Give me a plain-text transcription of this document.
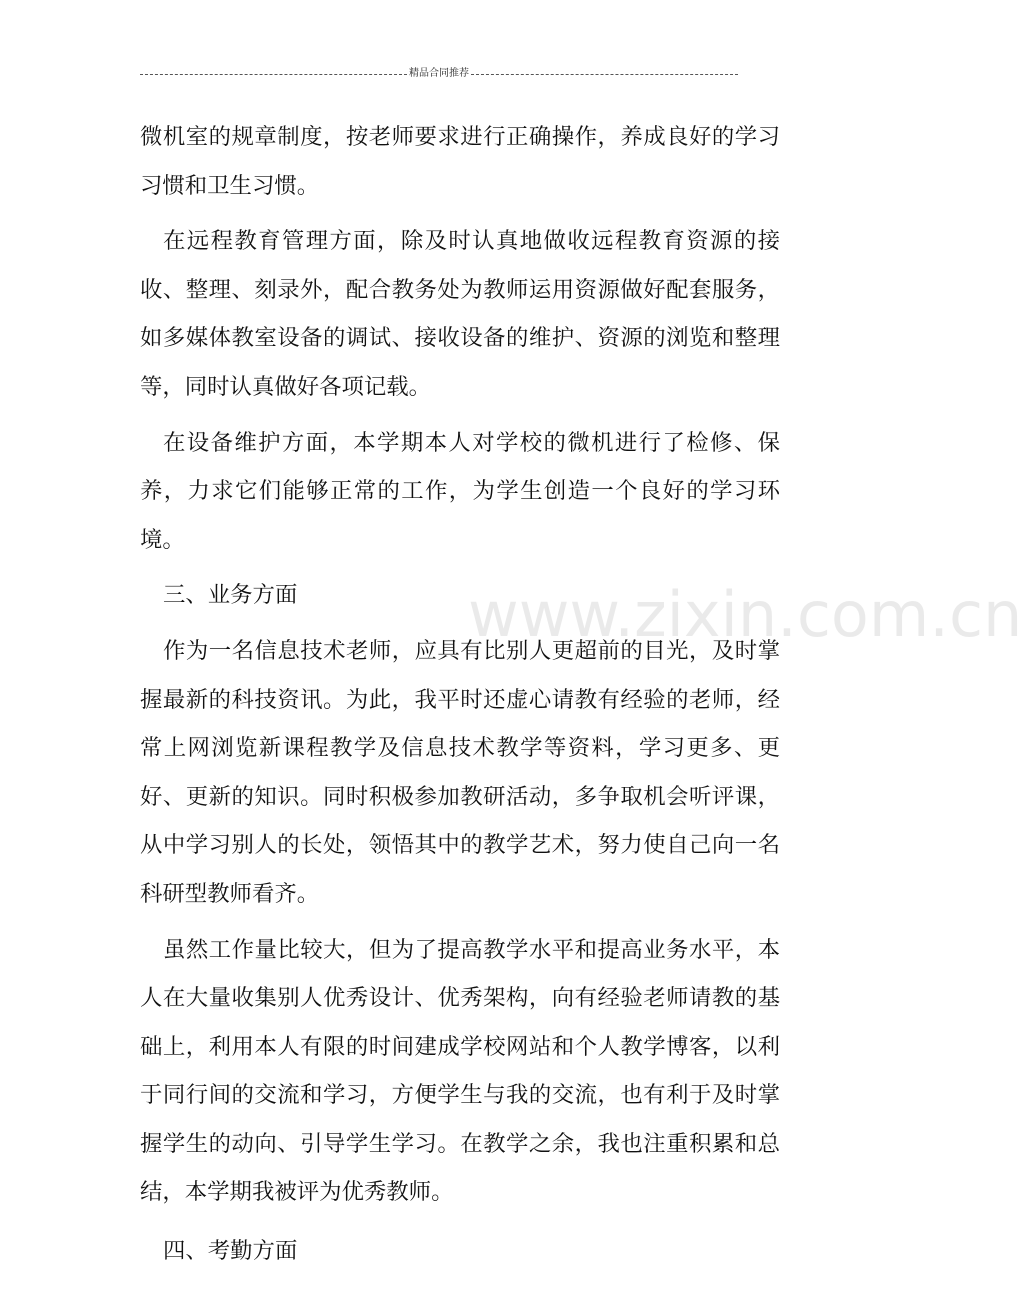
精品合同推荐

微机室的规章制度，按老师要求进行正确操作，养成良好的学习习惯和卫生习惯。

在远程教育管理方面，除及时认真地做收远程教育资源的接收、整理、刻录外，配合教务处为教师运用资源做好配套服务，如多媒体教室设备的调试、接收设备的维护、资源的浏览和整理等，同时认真做好各项记载。

在设备维护方面，本学期本人对学校的微机进行了检修、保养，力求它们能够正常的工作，为学生创造一个良好的学习环境。

三、业务方面

作为一名信息技术老师，应具有比别人更超前的目光，及时掌握最新的科技资讯。为此，我平时还虚心请教有经验的老师，经常上网浏览新课程教学及信息技术教学等资料，学习更多、更好、更新的知识。同时积极参加教研活动，多争取机会听评课，从中学习别人的长处，领悟其中的教学艺术，努力使自己向一名科研型教师看齐。

虽然工作量比较大，但为了提高教学水平和提高业务水平，本人在大量收集别人优秀设计、优秀架构，向有经验老师请教的基础上，利用本人有限的时间建成学校网站和个人教学博客，以利于同行间的交流和学习，方便学生与我的交流，也有利于及时掌握学生的动向、引导学生学习。在教学之余，我也注重积累和总结，本学期我被评为优秀教师。

四、考勤方面

www.zixin.com.cn
